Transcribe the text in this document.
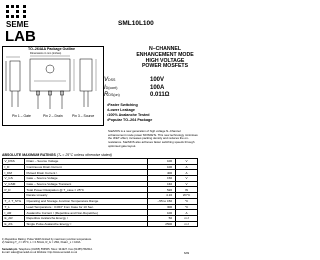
SEME
LAB
SML10L100
TO–264AA Package Outline
Dimensions in mm (inches)
Pin 1 – Gate	Pin 2 – Drain	Pin 3 – Source
N–CHANNEL
ENHANCEMENT MODE
HIGH VOLTAGE
POWER MOSFETS
VDSS	100V
ID(cont)	100A
RDS(on)	0.011Ω
• Faster Switching
• Lower Leakage
• 100% Avalanche Tested
• Popular TO–264 Package
StarMOS is a new generation of high voltage N–Channel enhancement mode power MOSFETs. This new technology minimises the JFET effect, increases packing density and reduces the on-resistance. StarMOS also achieves faster switching speeds through optimised gate layout.
ABSOLUTE MAXIMUM RATINGS (Tₐ = 25°C unless otherwise stated)
V_DSS	Drain – Source Voltage	100	V
I_D	Continuous Drain Current	100	A
I_DM	Pulsed Drain Current ¹	400	A
V_GS	Gate – Source Voltage	±30	V
V_GSM	Gate – Source Voltage Transient	±40	V
P_D	Total Power Dissipation @ T_case = 25°C	520	W
	Derate Linearly	4.16	W/°C
T_J, T_STG	Operating and Storage Junction Temperature Range	–55 to 150	°C
T_L	Lead Temperature : 0.063" from Case for 10 Sec.	300	°C
I_AR	Avalanche Current ¹ (Repetitive and Non-Repetitive)	100	A
E_AR	Repetitive Avalanche Energy ¹	50	mJ
E_AS	Single Pulse Avalanche Energy ²	2500	mJ
1) Repetitive Rating: Pulse Width limited by maximum junction temperature.
2) Starting T_J = 25°C, L = 0.50mH, R_G = 25Ω, Peak I_L = 100A
Semelab plc. Telephone (01455) 556565. Telex: 341927. Fax (01455) 552612.
E-mail: sales@semelab.co.uk Website: http://www.semelab.co.uk	6/99
